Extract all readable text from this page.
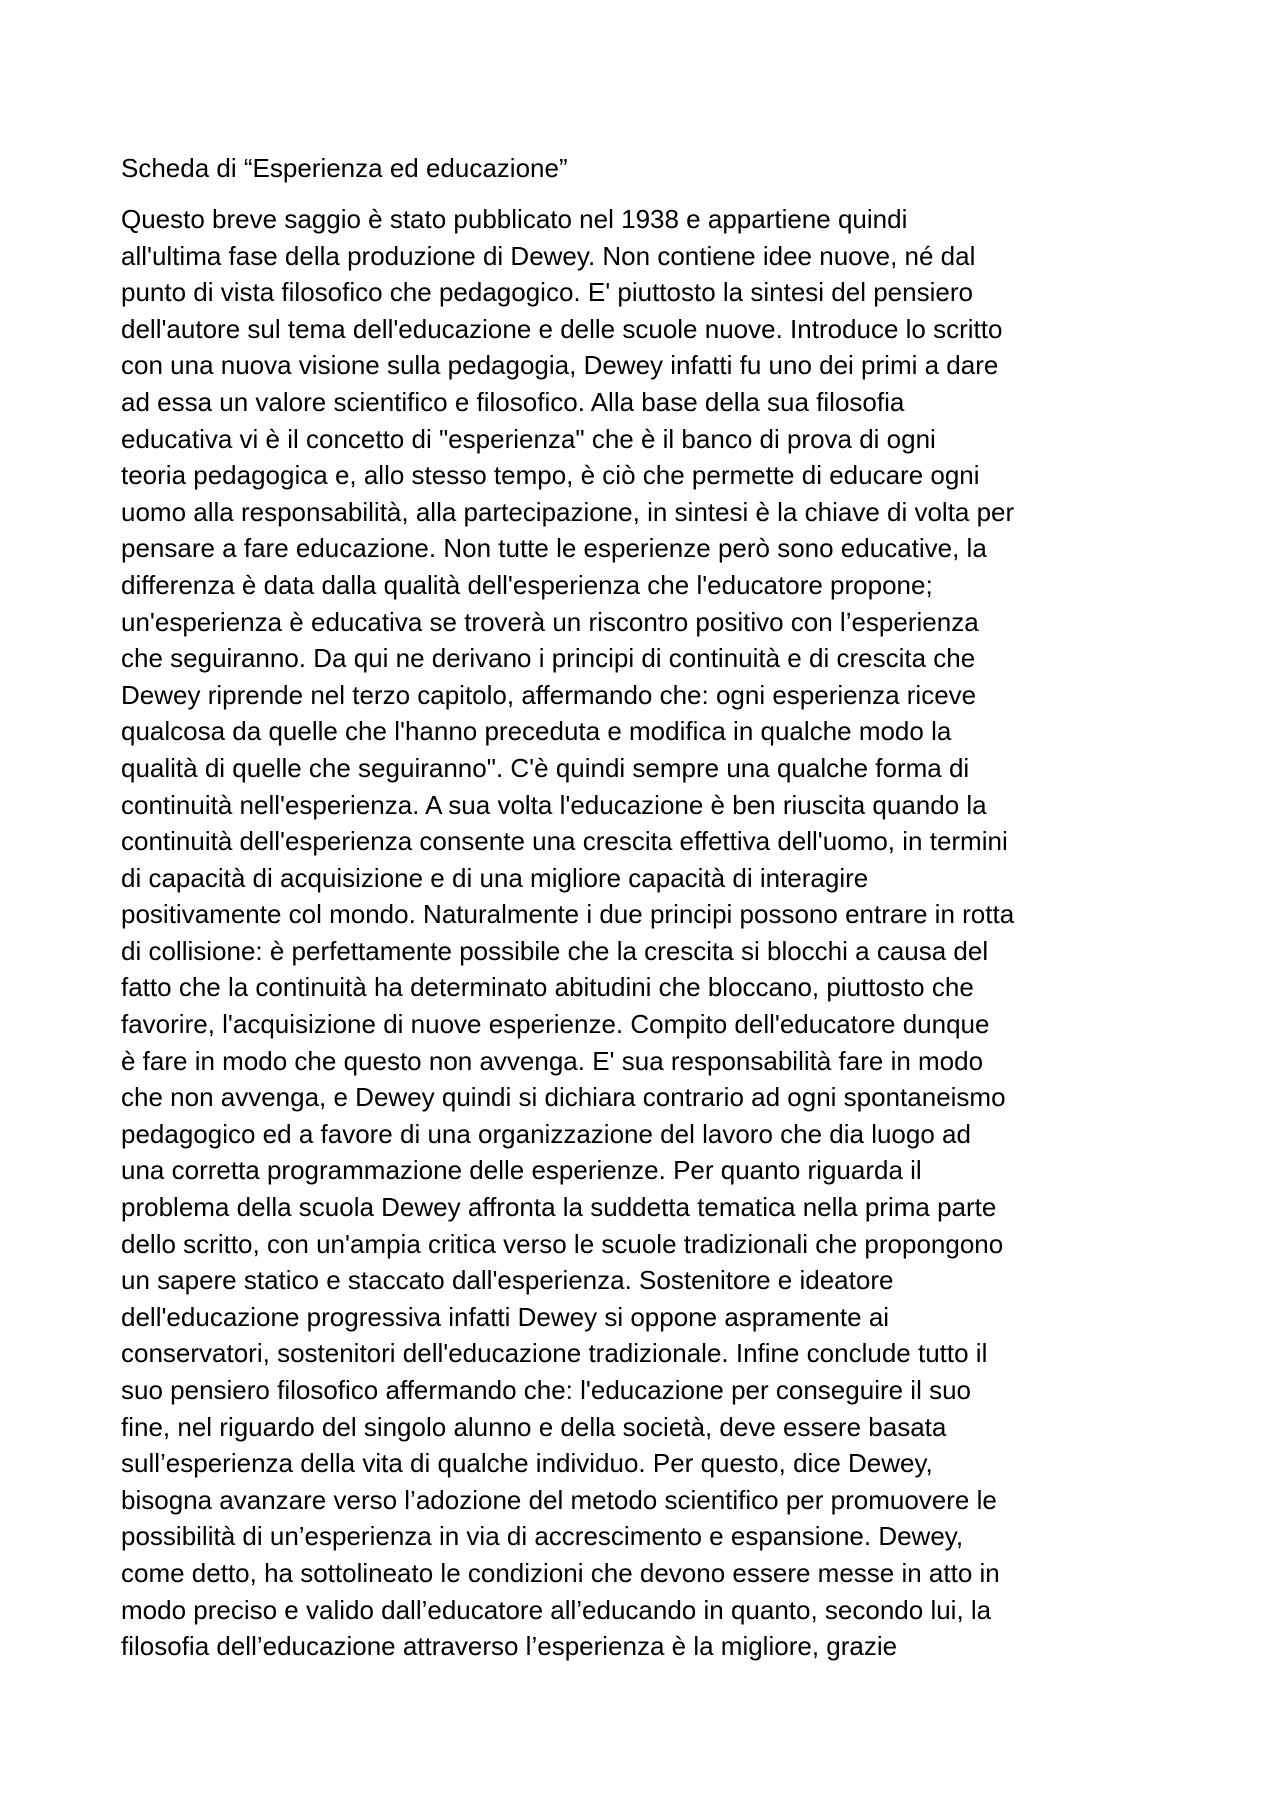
Scheda di “Esperienza ed educazione”
Questo breve saggio è stato pubblicato nel 1938 e appartiene quindi
all'ultima fase della produzione di Dewey. Non contiene idee nuove, né dal
punto di vista filosofico che pedagogico. E' piuttosto la sintesi del pensiero
dell'autore sul tema dell'educazione e delle scuole nuove. Introduce lo scritto
con una nuova visione sulla pedagogia, Dewey infatti fu uno dei primi a dare
ad essa un valore scientifico e filosofico. Alla base della sua filosofia
educativa vi è il concetto di "esperienza" che è il banco di prova di ogni
teoria pedagogica e, allo stesso tempo, è ciò che permette di educare ogni
uomo alla responsabilità, alla partecipazione, in sintesi è la chiave di volta per
pensare a fare educazione. Non tutte le esperienze però sono educative, la
differenza è data dalla qualità dell'esperienza che l'educatore propone;
un'esperienza è educativa se troverà un riscontro positivo con l’esperienza
che seguiranno. Da qui ne derivano i principi di continuità e di crescita che
Dewey riprende nel terzo capitolo, affermando che: ogni esperienza riceve
qualcosa da quelle che l'hanno preceduta e modifica in qualche modo la
qualità di quelle che seguiranno". C'è quindi sempre una qualche forma di
continuità nell'esperienza. A sua volta l'educazione è ben riuscita quando la
continuità dell'esperienza consente una crescita effettiva dell'uomo, in termini
di capacità di acquisizione e di una migliore capacità di interagire
positivamente col mondo. Naturalmente i due principi possono entrare in rotta
di collisione: è perfettamente possibile che la crescita si blocchi a causa del
fatto che la continuità ha determinato abitudini che bloccano, piuttosto che
favorire, l'acquisizione di nuove esperienze. Compito dell'educatore dunque
è fare in modo che questo non avvenga. E' sua responsabilità fare in modo
che non avvenga, e Dewey quindi si dichiara contrario ad ogni spontaneismo
pedagogico ed a favore di una organizzazione del lavoro che dia luogo ad
una corretta programmazione delle esperienze. Per quanto riguarda il
problema della scuola Dewey affronta la suddetta tematica nella prima parte
dello scritto, con un'ampia critica verso le scuole tradizionali che propongono
un sapere statico e staccato dall'esperienza. Sostenitore e ideatore
dell'educazione progressiva infatti Dewey si oppone aspramente ai
conservatori, sostenitori dell'educazione tradizionale. Infine conclude tutto il
suo pensiero filosofico affermando che: l'educazione per conseguire il suo
fine, nel riguardo del singolo alunno e della società, deve essere basata
sull’esperienza della vita di qualche individuo. Per questo, dice Dewey,
bisogna avanzare verso l’adozione del metodo scientifico per promuovere le
possibilità di un’esperienza in via di accrescimento e espansione. Dewey,
come detto, ha sottolineato le condizioni che devono essere messe in atto in
modo preciso e valido dall’educatore all’educando in quanto, secondo lui, la
filosofia dell’educazione attraverso l’esperienza è la migliore, grazie
